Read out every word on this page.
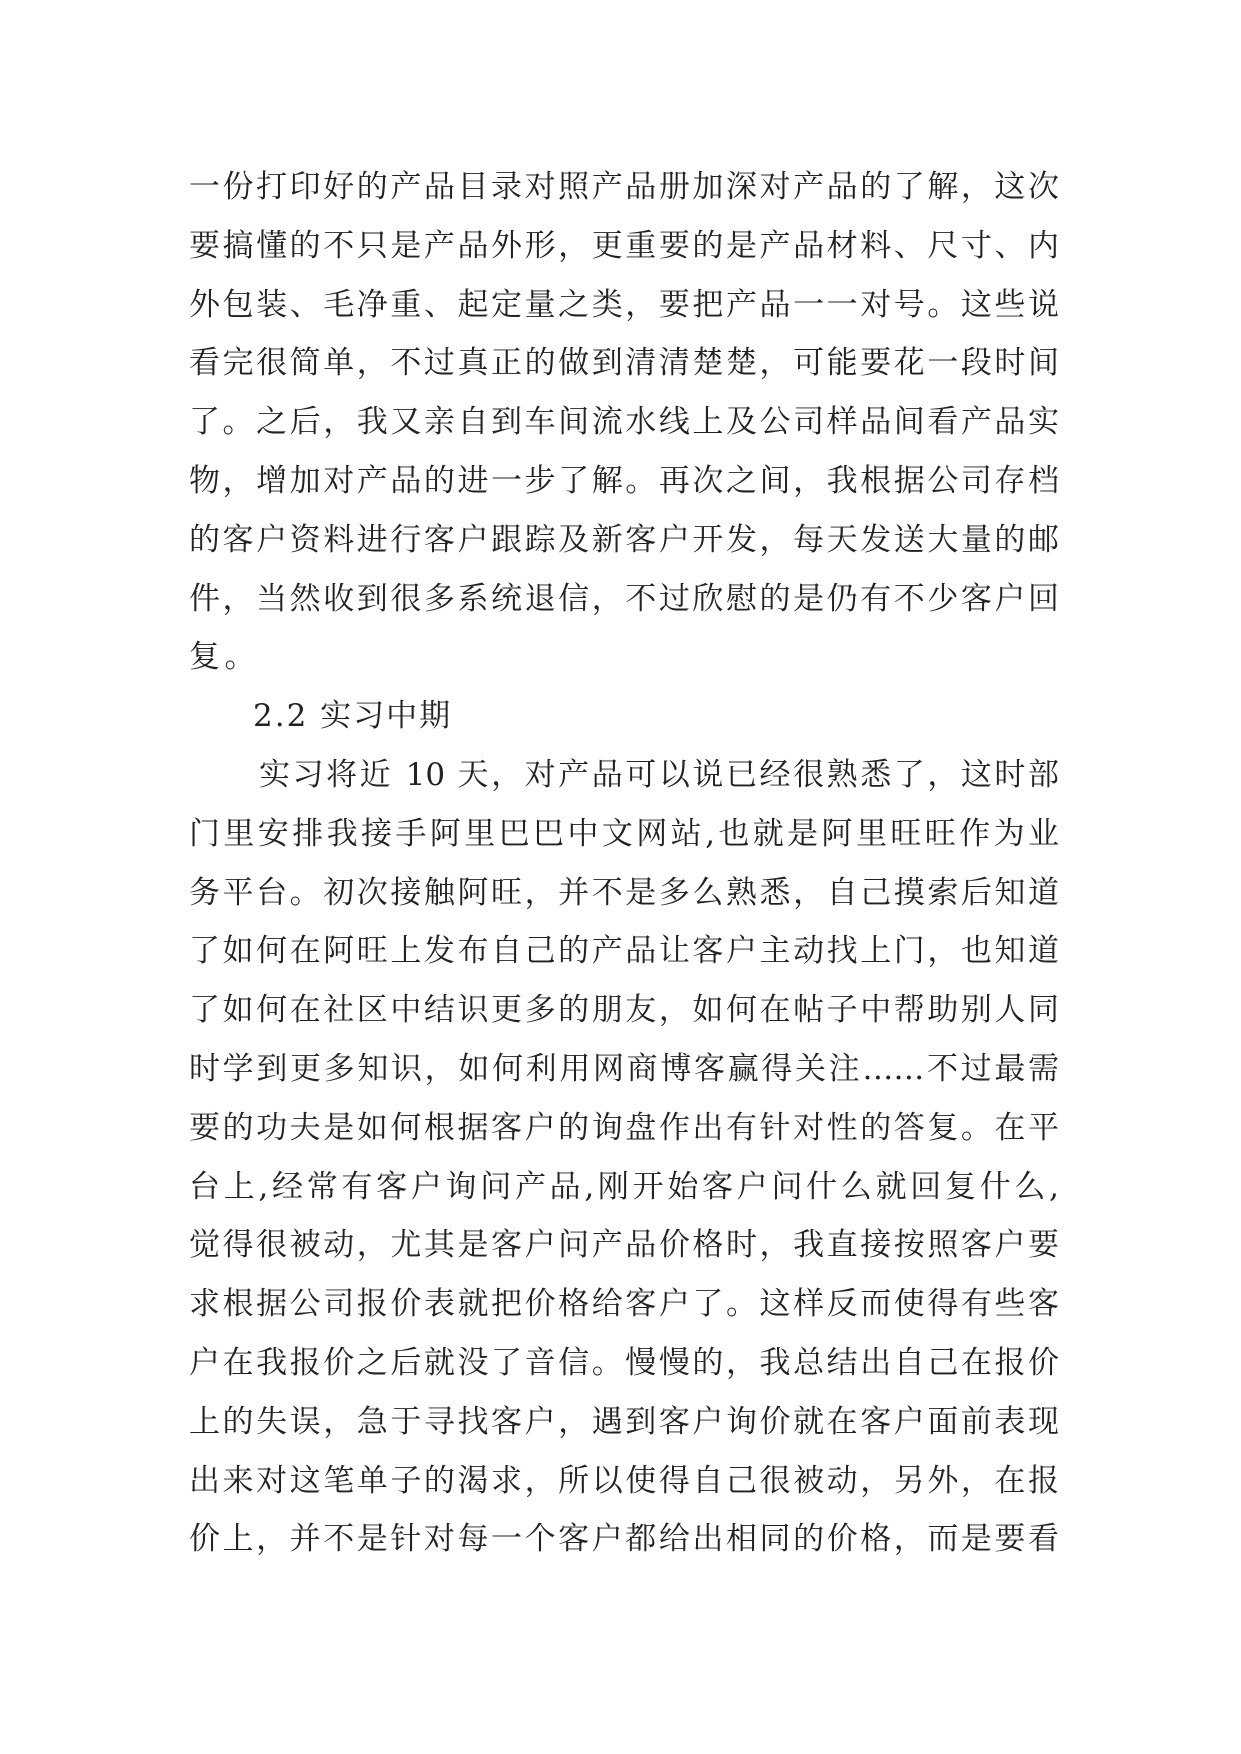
一份打印好的产品目录对照产品册加深对产品的了解，这次
要搞懂的不只是产品外形，更重要的是产品材料、尺寸、内
外包装、毛净重、起定量之类，要把产品一一对号。这些说
看完很简单，不过真正的做到清清楚楚，可能要花一段时间
了。之后，我又亲自到车间流水线上及公司样品间看产品实
物，增加对产品的进一步了解。再次之间，我根据公司存档
的客户资料进行客户跟踪及新客户开发，每天发送大量的邮
件，当然收到很多系统退信，不过欣慰的是仍有不少客户回
复。
2.2 实习中期
实习将近 10 天，对产品可以说已经很熟悉了，这时部
门里安排我接手阿里巴巴中文网站,也就是阿里旺旺作为业
务平台。初次接触阿旺，并不是多么熟悉，自己摸索后知道
了如何在阿旺上发布自己的产品让客户主动找上门，也知道
了如何在社区中结识更多的朋友，如何在帖子中帮助别人同
时学到更多知识，如何利用网商博客赢得关注……不过最需
要的功夫是如何根据客户的询盘作出有针对性的答复。在平
台上,经常有客户询问产品,刚开始客户问什么就回复什么,
觉得很被动，尤其是客户问产品价格时，我直接按照客户要
求根据公司报价表就把价格给客户了。这样反而使得有些客
户在我报价之后就没了音信。慢慢的，我总结出自己在报价
上的失误，急于寻找客户，遇到客户询价就在客户面前表现
出来对这笔单子的渴求，所以使得自己很被动，另外，在报
价上，并不是针对每一个客户都给出相同的价格，而是要看
